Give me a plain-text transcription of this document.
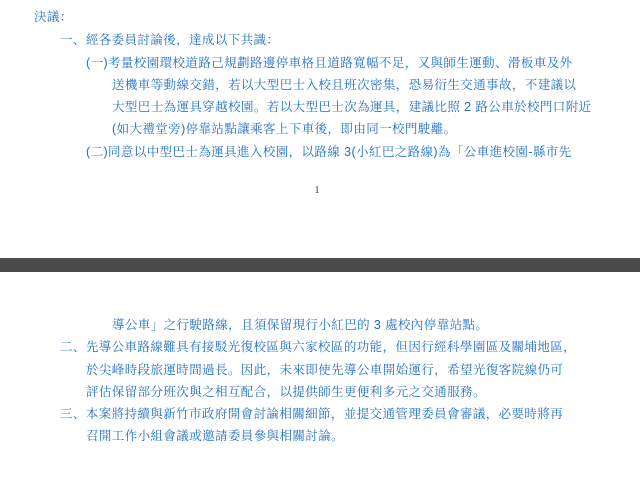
決議：

一、經各委員討論後，達成以下共識：

(一)考量校園環校道路己規劃路邊停車格且道路寬幅不足，又與師生運動、滑板車及外

送機車等動線交錯，若以大型巴士入校且班次密集，恐易衍生交通事故，不建議以

大型巴士為運具穿越校園。若以大型巴士次為運具，建議比照 2 路公車於校門口附近

(如大禮堂旁)停靠站點讓乘客上下車後，即由同一校門駛離。

(二)同意以中型巴士為運具進入校園，以路線 3(小紅巴之路線)為「公車進校園-縣市先

1

導公車」之行駛路線，且須保留現行小紅巴的 3 處校內停靠站點。

二、先導公車路線難具有接駁光復校區與六家校區的功能，但因行經科學園區及關埔地區，

於尖峰時段旅運時間過長。因此，未來即使先導公車開始運行，希望光復客院線仍可

評估保留部分班次與之相互配合，以提供師生更便利多元之交通服務。

三、本案將持續與新竹市政府開會討論相關細節，並提交通管理委員會審議，必要時將再

召開工作小組會議或邀請委員參與相關討論。
